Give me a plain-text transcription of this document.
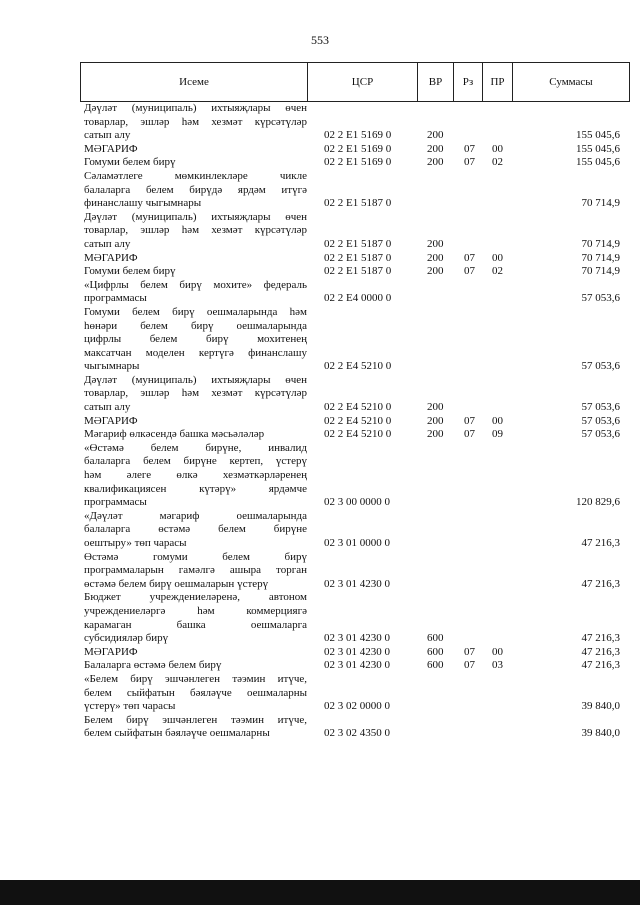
553
Исеме	ЦСР	ВР	Рз	ПР	Суммасы
Дәүләт (муниципаль) ихтыяҗлары өчен
товарлар, эшләр һәм хезмәт күрсәтүләр
сатып алу	02 2 E1 5169 0	200	155 045,6
МӘГАРИФ	02 2 E1 5169 0	200 07 00	155 045,6
Гомуми белем бирү	02 2 E1 5169 0	200 07 02	155 045,6
Сәламәтлеге мөмкинлекләре чикле
балаларга белем бирүдә ярдәм итүгә
финанслашу чыгымнары	02 2 E1 5187 0	70 714,9
Дәүләт (муниципаль) ихтыяҗлары өчен
товарлар, эшләр һәм хезмәт күрсәтүләр
сатып алу	02 2 E1 5187 0	200	70 714,9
МӘГАРИФ	02 2 E1 5187 0	200 07 00	70 714,9
Гомуми белем бирү	02 2 E1 5187 0	200 07 02	70 714,9
«Цифрлы белем бирү мохите» федераль
программасы	02 2 E4 0000 0	57 053,6
Гомуми белем бирү оешмаларында һәм
һөнәри белем бирү оешмаларында
цифрлы белем бирү мохитенең
максатчан моделен кертүгә финанслашу
чыгымнары	02 2 E4 5210 0	57 053,6
Дәүләт (муниципаль) ихтыяҗлары өчен
товарлар, эшләр һәм хезмәт күрсәтүләр
сатып алу	02 2 E4 5210 0	200	57 053,6
МӘГАРИФ	02 2 E4 5210 0	200 07 00	57 053,6
Мәгариф өлкәсендә башка мәсьәләләр	02 2 E4 5210 0	200 07 09	57 053,6
«Өстәмә белем бирүне, инвалид
балаларга белем бирүне кертеп, үстерү
һәм әлеге өлкә хезмәткәрләренең
квалификациясен күтәрү» ярдәмче
программасы	02 3 00 0000 0	120 829,6
«Дәүләт мәгариф оешмаларында
балаларга өстәмә белем бирүне
оештыру» төп чарасы	02 3 01 0000 0	47 216,3
Өстәмә гомуми белем бирү
программаларын гамәлгә ашыра торган
өстәмә белем бирү оешмаларын үстерү	02 3 01 4230 0	47 216,3
Бюджет учреждениеләренә, автоном
учреждениеләргә һәм коммерциягә
карамаган башка оешмаларга
субсидияләр бирү	02 3 01 4230 0	600	47 216,3
МӘГАРИФ	02 3 01 4230 0	600 07 00	47 216,3
Балаларга өстәмә белем бирү	02 3 01 4230 0	600 07 03	47 216,3
«Белем бирү эшчәнлеген тәэмин итүче,
белем сыйфатын бәяләүче оешмаларны
үстерү» төп чарасы	02 3 02 0000 0	39 840,0
Белем бирү эшчәнлеген тәэмин итүче,
белем сыйфатын бәяләүче оешмаларны	02 3 02 4350 0	39 840,0
